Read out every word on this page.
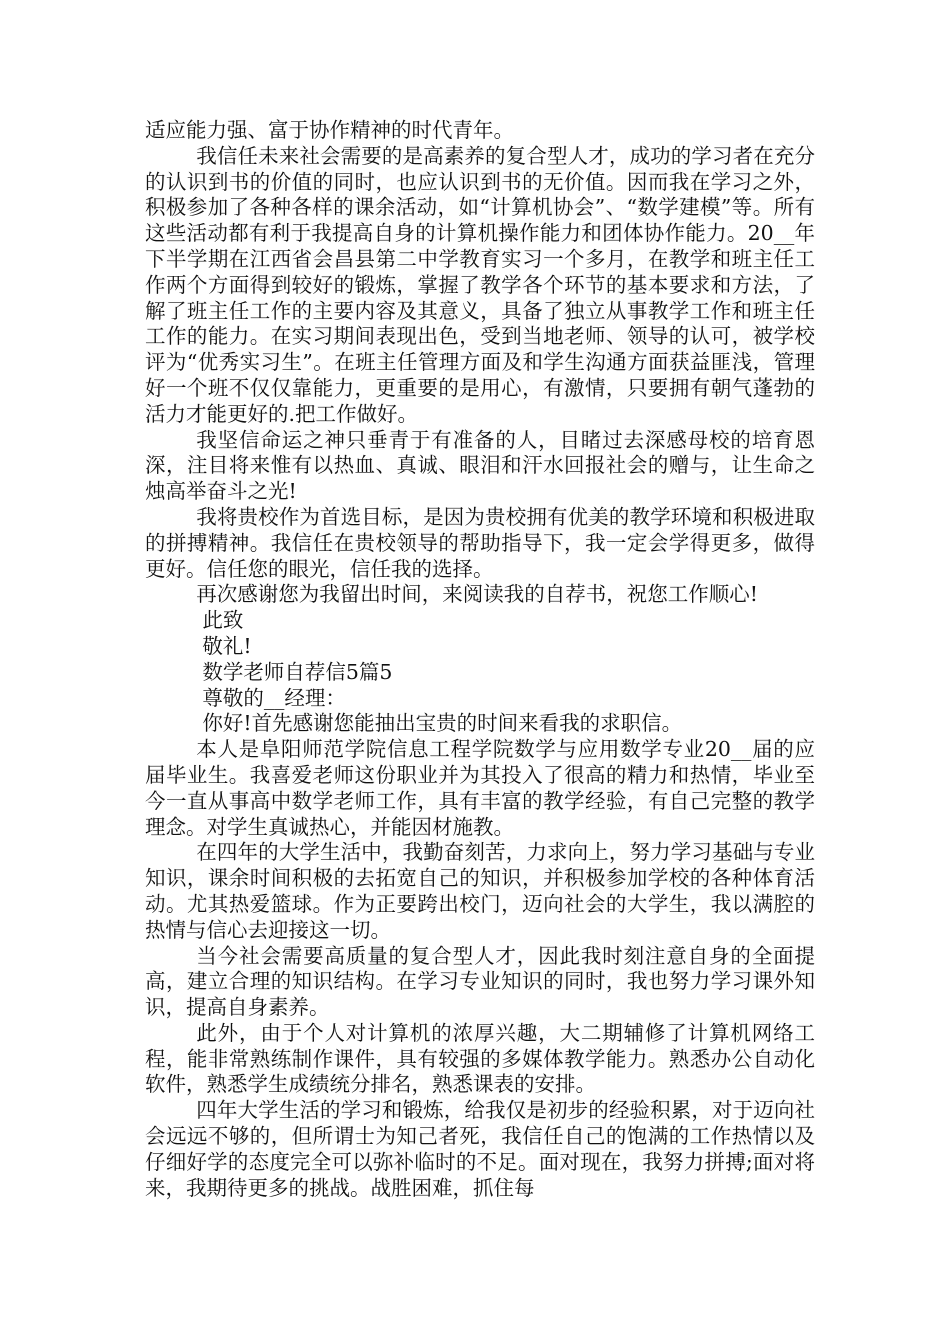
适应能力强、富于协作精神的时代青年。

我信任未来社会需要的是高素养的复合型人才，成功的学习者在充分的认识到书的价值的同时，也应认识到书的无价值。因而我在学习之外，积极参加了各种各样的课余活动，如“计算机协会”、“数学建模”等。所有这些活动都有利于我提高自身的计算机操作能力和团体协作能力。20__年下半学期在江西省会昌县第二中学教育实习一个多月，在教学和班主任工作两个方面得到较好的锻炼，掌握了教学各个环节的基本要求和方法，了解了班主任工作的主要内容及其意义，具备了独立从事教学工作和班主任工作的能力。在实习期间表现出色，受到当地老师、领导的认可，被学校评为“优秀实习生”。在班主任管理方面及和学生沟通方面获益匪浅，管理好一个班不仅仅靠能力，更重要的是用心，有激情，只要拥有朝气蓬勃的活力才能更好的.把工作做好。

我坚信命运之神只垂青于有准备的人，目睹过去深感母校的培育恩深，注目将来惟有以热血、真诚、眼泪和汗水回报社会的赠与，让生命之烛高举奋斗之光!

我将贵校作为首选目标，是因为贵校拥有优美的教学环境和积极进取的拼搏精神。我信任在贵校领导的帮助指导下，我一定会学得更多，做得更好。信任您的眼光，信任我的选择。

再次感谢您为我留出时间，来阅读我的自荐书，祝您工作顺心!

此致

敬礼!

数学老师自荐信5篇5

尊敬的__经理：

你好!首先感谢您能抽出宝贵的时间来看我的求职信。

本人是阜阳师范学院信息工程学院数学与应用数学专业20__届的应届毕业生。我喜爱老师这份职业并为其投入了很高的精力和热情，毕业至今一直从事高中数学老师工作，具有丰富的教学经验，有自己完整的教学理念。对学生真诚热心，并能因材施教。

在四年的大学生活中，我勤奋刻苦，力求向上，努力学习基础与专业知识，课余时间积极的去拓宽自己的知识，并积极参加学校的各种体育活动。尤其热爱篮球。作为正要跨出校门，迈向社会的大学生，我以满腔的热情与信心去迎接这一切。

当今社会需要高质量的复合型人才，因此我时刻注意自身的全面提高，建立合理的知识结构。在学习专业知识的同时，我也努力学习课外知识，提高自身素养。

此外，由于个人对计算机的浓厚兴趣，大二期辅修了计算机网络工程，能非常熟练制作课件，具有较强的多媒体教学能力。熟悉办公自动化软件，熟悉学生成绩统分排名，熟悉课表的安排。

四年大学生活的学习和锻炼，给我仅是初步的经验积累，对于迈向社会远远不够的，但所谓士为知己者死，我信任自己的饱满的工作热情以及仔细好学的态度完全可以弥补临时的不足。面对现在，我努力拼搏;面对将来，我期待更多的挑战。战胜困难，抓住每
